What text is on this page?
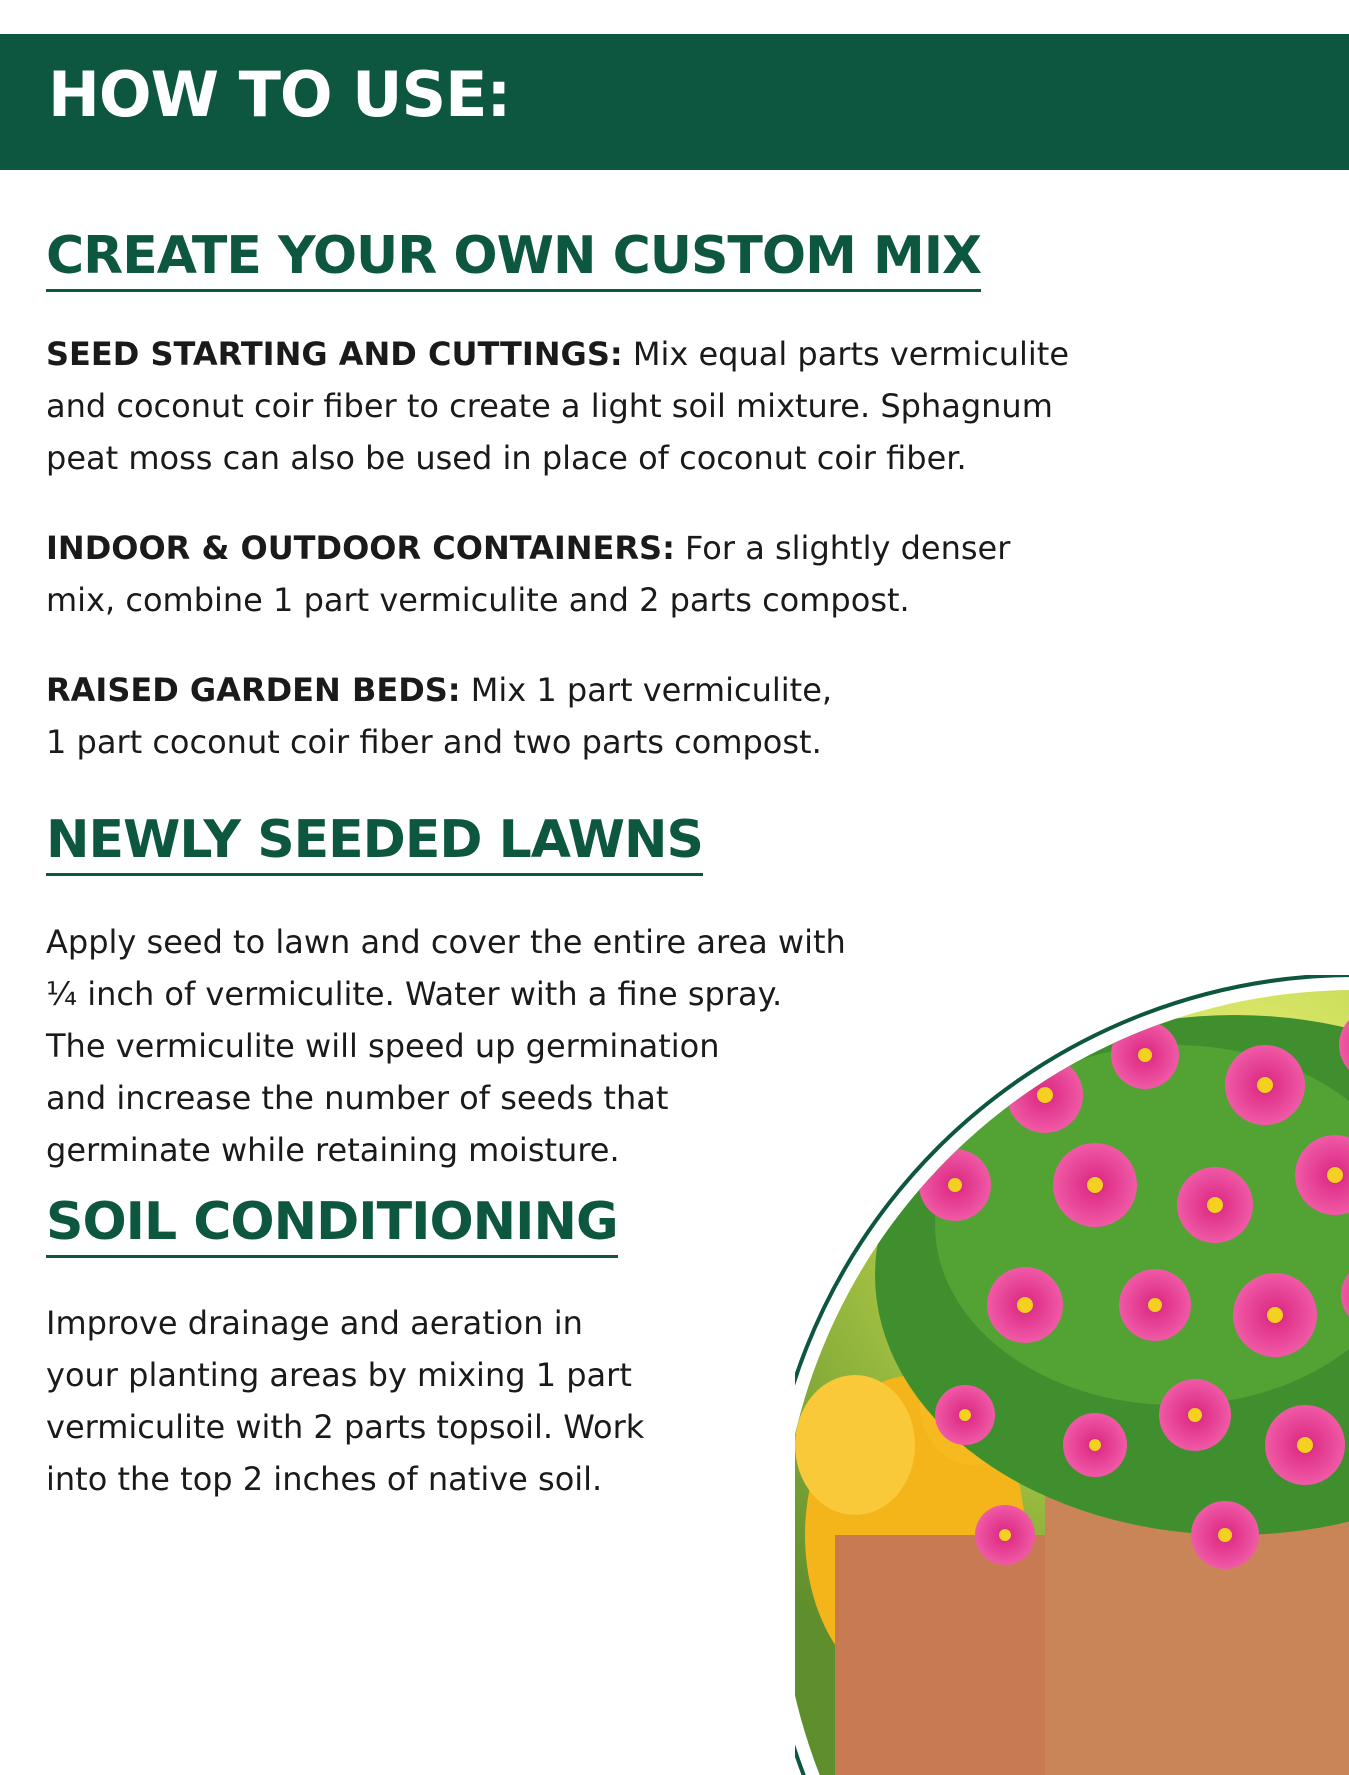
HOW TO USE:
CREATE YOUR OWN CUSTOM MIX

SEED STARTING AND CUTTINGS: Mix equal parts vermiculite
and coconut coir fiber to create a light soil mixture. Sphagnum
peat moss can also be used in place of coconut coir fiber.

INDOOR & OUTDOOR CONTAINERS: For a slightly denser
mix, combine 1 part vermiculite and 2 parts compost.

RAISED GARDEN BEDS: Mix 1 part vermiculite,
1 part coconut coir fiber and two parts compost.

NEWLY SEEDED LAWNS

Apply seed to lawn and cover the entire area with
¼ inch of vermiculite. Water with a fine spray.
The vermiculite will speed up germination
and increase the number of seeds that
germinate while retaining moisture.

SOIL CONDITIONING

Improve drainage and aeration in
your planting areas by mixing 1 part
vermiculite with 2 parts topsoil. Work
into the top 2 inches of native soil.
